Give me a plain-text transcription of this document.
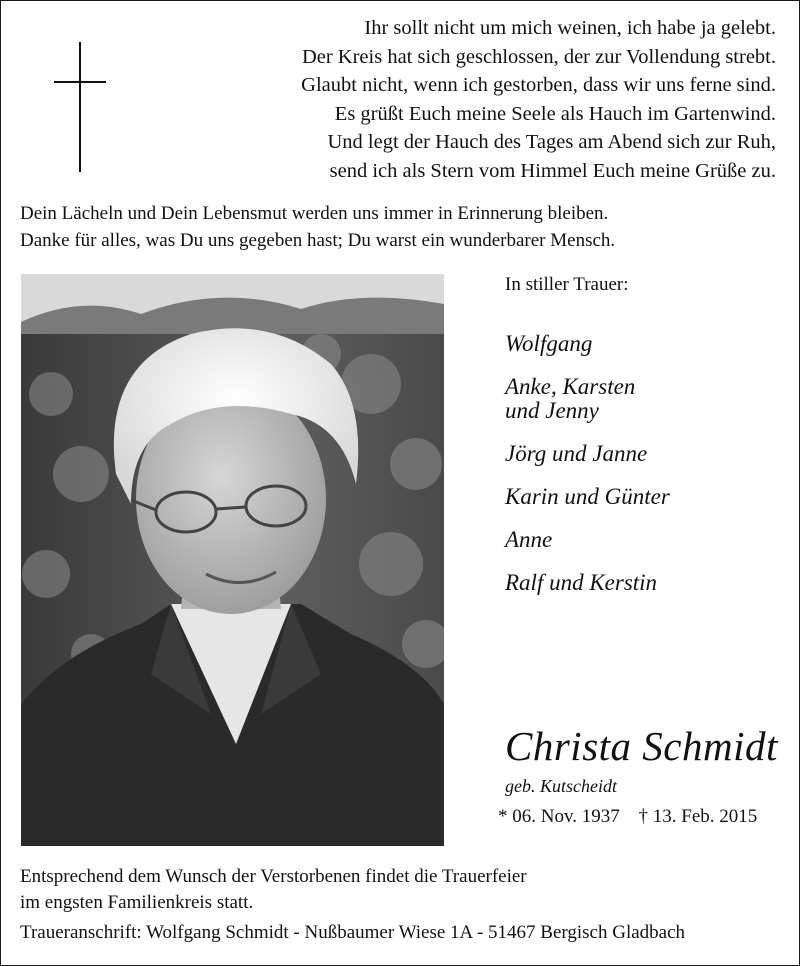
Ihr sollt nicht um mich weinen, ich habe ja gelebt.
Der Kreis hat sich geschlossen, der zur Vollendung strebt.
Glaubt nicht, wenn ich gestorben, dass wir uns ferne sind.
Es grüßt Euch meine Seele als Hauch im Gartenwind.
Und legt der Hauch des Tages am Abend sich zur Ruh,
send ich als Stern vom Himmel Euch meine Grüße zu.
Dein Lächeln und Dein Lebensmut werden uns immer in Erinnerung bleiben.
Danke für alles, was Du uns gegeben hast; Du warst ein wunderbarer Mensch.
In stiller Trauer:
Wolfgang
Anke, Karsten
und Jenny
Jörg und Janne
Karin und Günter
Anne
Ralf und Kerstin
Christa Schmidt
geb. Kutscheidt
* 06. Nov. 1937 † 13. Feb. 2015
Entsprechend dem Wunsch der Verstorbenen findet die Trauerfeier
im engsten Familienkreis statt.
Traueranschrift: Wolfgang Schmidt - Nußbaumer Wiese 1A - 51467 Bergisch Gladbach
